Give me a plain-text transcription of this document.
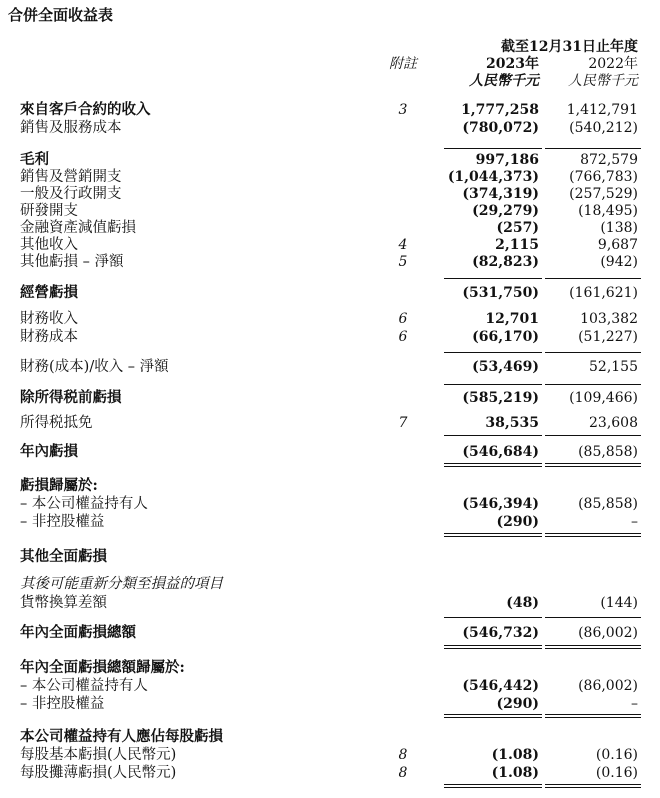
合併全面收益表
截至12月31日止年度
附註	2023年	2022年
人民幣千元 人民幣千元
來自客戶合約的收入	3	1,777,258 1,412,791
銷售及服務成本	(780,072) (540,212)
毛利	997,186	872,579
銷售及營銷開支	(1,044,373) (766,783)
一般及行政開支	(374,319) (257,529)
研發開支	(29,279)	(18,495)
金融資產減值虧損	(257)	(138)
其他收入	4	2,115	9,687
其他虧損 – 淨額	5	(82,823)	(942)
經營虧損	(531,750) (161,621)
財務收入	6	12,701	103,382
財務成本	6	(66,170)	(51,227)
財務(成本)/收入 – 淨額	(53,469)	52,155
除所得税前虧損	(585,219) (109,466)
所得税抵免	7	38,535	23,608
年內虧損	(546,684)	(85,858)
虧損歸屬於:
– 本公司權益持有人	(546,394)	(85,858)
– 非控股權益	(290)	–
其他全面虧損
其後可能重新分類至損益的項目
貨幣換算差額	(48)	(144)
年內全面虧損總額	(546,732)	(86,002)
年內全面虧損總額歸屬於:
– 本公司權益持有人	(546,442)	(86,002)
– 非控股權益	(290)	–
本公司權益持有人應佔每股虧損
每股基本虧損(人民幣元)	8	(1.08)	(0.16)
每股攤薄虧損(人民幣元)	8	(1.08)	(0.16)
